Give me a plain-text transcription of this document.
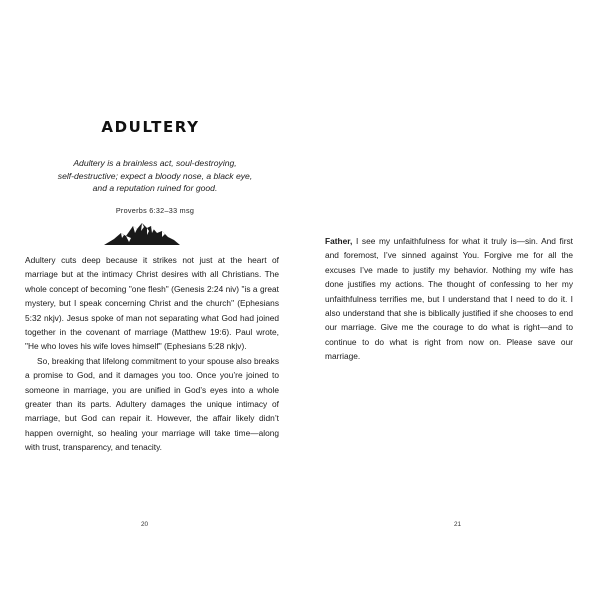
ADULTERY
Adultery is a brainless act, soul-destroying,
self-destructive; expect a bloody nose, a black eye,
and a reputation ruined for good.
Proverbs 6:32–33 msg

Adultery cuts deep because it strikes not just at the heart of marriage but at the intimacy Christ desires with all Christians. The whole concept of becoming "one flesh" (Genesis 2:24 niv) "is a great mystery, but I speak concerning Christ and the church" (Ephesians 5:32 nkjv). Jesus spoke of man not separating what God had joined together in the covenant of marriage (Matthew 19:6). Paul wrote, "He who loves his wife loves himself" (Ephesians 5:28 nkjv).

So, breaking that lifelong commitment to your spouse also breaks a promise to God, and it damages you too. Once you’re joined to someone in marriage, you are unified in God’s eyes into a whole greater than its parts. Adultery damages the unique intimacy of marriage, but God can repair it. However, the affair likely didn’t happen overnight, so healing your marriage will take time—along with trust, transparency, and tenacity.

20

Father, I see my unfaithfulness for what it truly is—sin. And first and foremost, I’ve sinned against You. Forgive me for all the excuses I’ve made to justify my behavior. Nothing my wife has done justifies my actions. The thought of confessing to her my unfaithfulness terrifies me, but I understand that I need to do it. I also understand that she is biblically justified if she chooses to end our marriage. Give me the courage to do what is right—and to continue to do what is right from now on. Please save our marriage.

21
